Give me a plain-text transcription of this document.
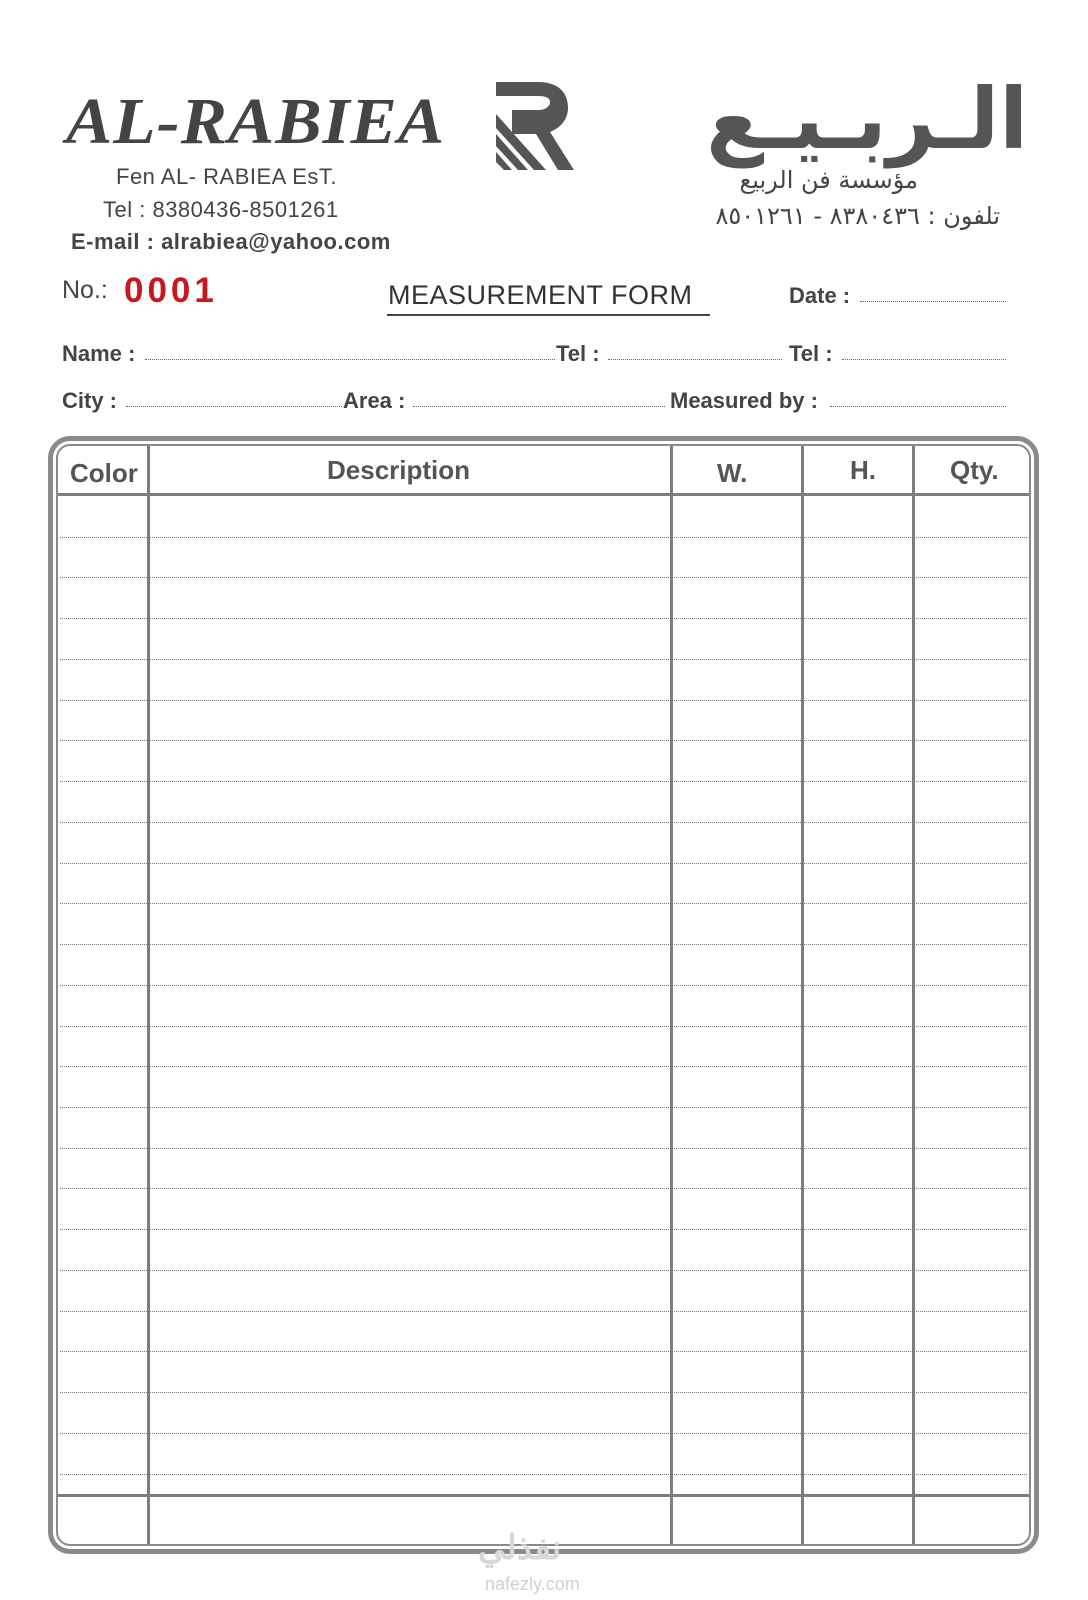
AL-RABIEA
Fen AL- RABIEA EsT.
Tel : 8380436-8501261
E-mail : alrabiea@yahoo.com
الـربـيـع
مؤسسة فن الربيع
تلفون : ٨٣٨٠٤٣٦ - ٨٥٠١٢٦١
No.: 0001	MEASUREMENT FORM	Date :
Name :	Tel :	Tel :
City :	Area :	Measured by :
Color	Description	W.	H.	Qty.
نفذلي
nafezly.com
